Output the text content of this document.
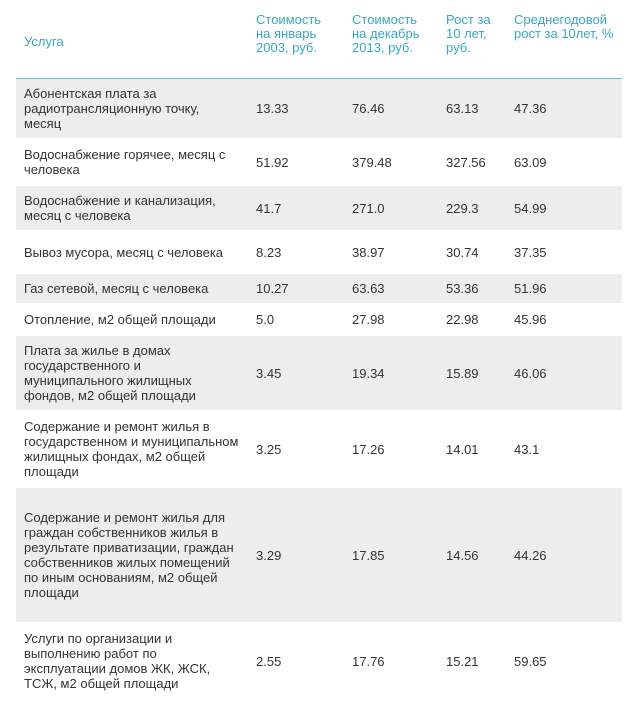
Услуга	Стоимость на январь 2003, руб.	Стоимость на декабрь 2013, руб.	Рост за 10 лет, руб.	Среднегодовой рост за 10лет, %
Абонентская плата за радиотрансляционную точку, месяц	13.33	76.46	63.13	47.36
Водоснабжение горячее, месяц с человека	51.92	379.48	327.56	63.09
Водоснабжение и канализация, месяц с человека	41.7	271.0	229.3	54.99
Вывоз мусора, месяц с человека	8.23	38.97	30.74	37.35
Газ сетевой, месяц с человека	10.27	63.63	53.36	51.96
Отопление, м2 общей площади	5.0	27.98	22.98	45.96
Плата за жилье в домах государственного и муниципального жилищных фондов, м2 общей площади	3.45	19.34	15.89	46.06
Содержание и ремонт жилья в государственном и муниципальном жилищных фондах, м2 общей площади	3.25	17.26	14.01	43.1
Содержание и ремонт жилья для граждан собственников жилья в результате приватизации, граждан собственников жилых помещений по иным основаниям, м2 общей площади	3.29	17.85	14.56	44.26
Услуги по организации и выполнению работ по эксплуатации домов ЖК, ЖСК, ТСЖ, м2 общей площади	2.55	17.76	15.21	59.65
